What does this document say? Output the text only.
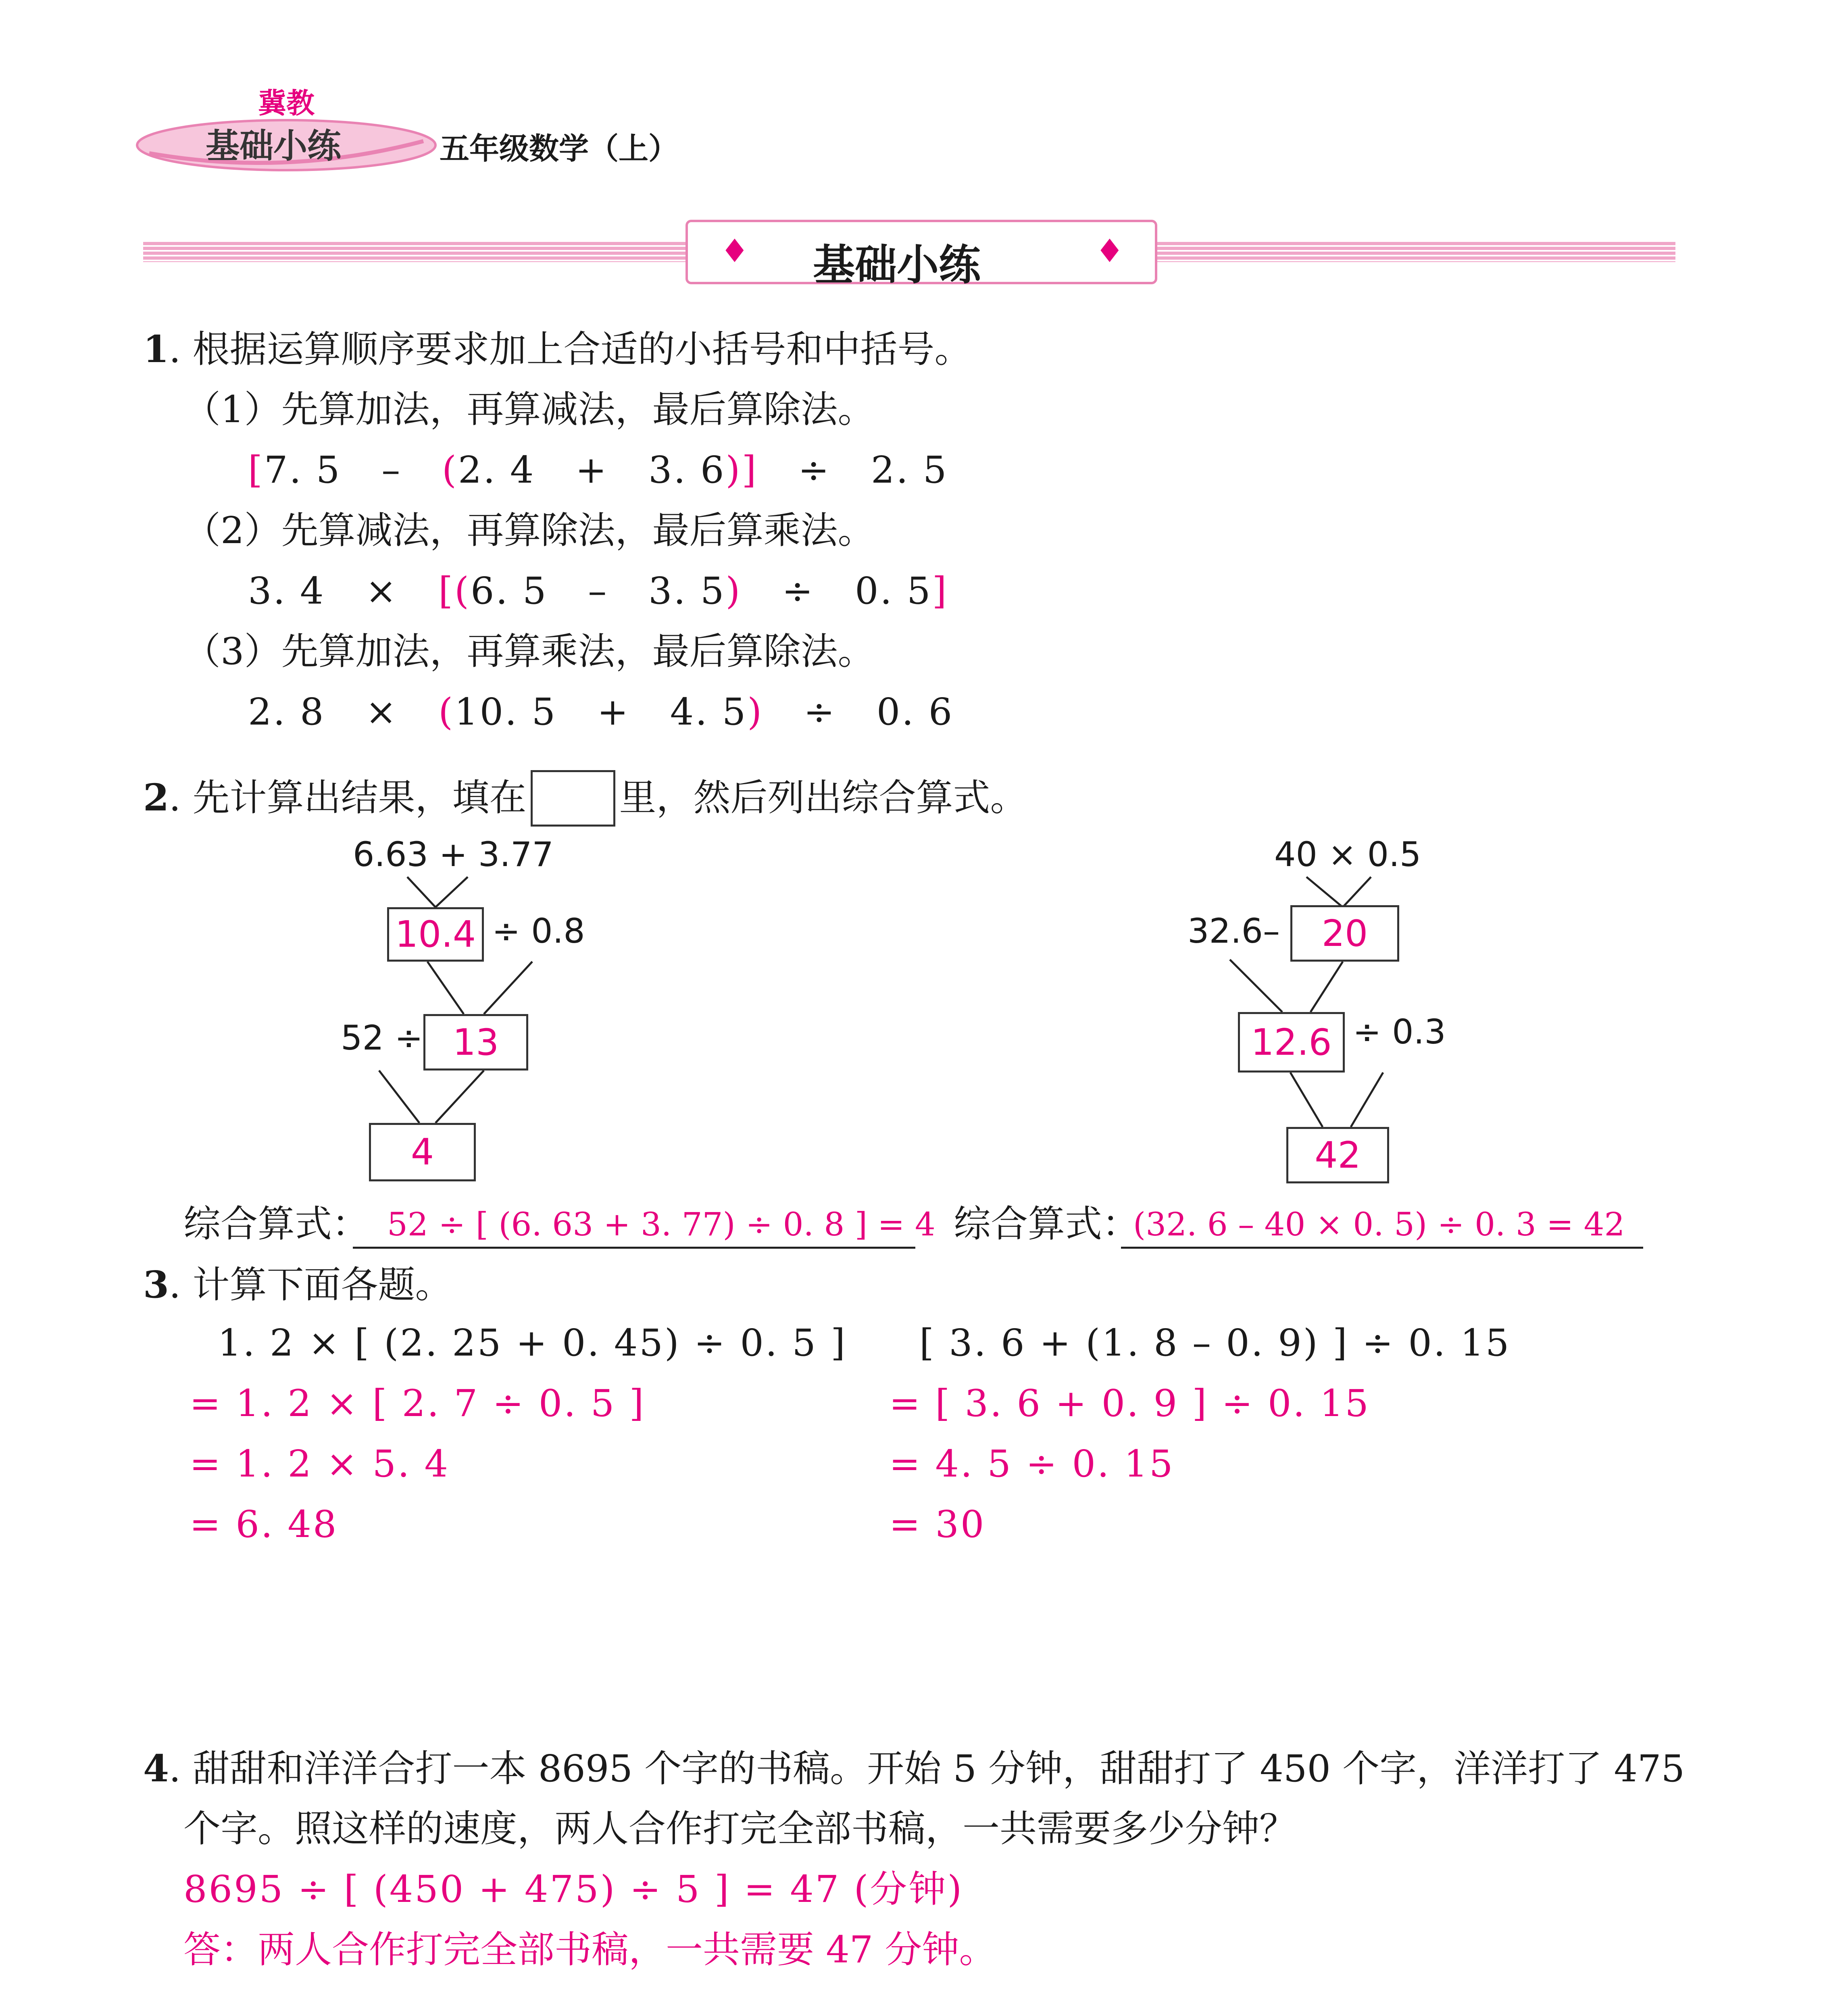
冀教
基础小练	五年级数学（上）
♦ 基础小练	♦
1. 根据运算顺序要求加上合适的小括号和中括号。
（1）先算加法，再算减法，最后算除法。
[7. 5 – (2. 4 + 3. 6)] ÷ 2. 5
（2）先算减法，再算除法，最后算乘法。
3. 4 × [(6. 5 – 3. 5) ÷ 0. 5]
（3）先算加法，再算乘法，最后算除法。
2. 8 × (10. 5 + 4. 5) ÷ 0. 6
2. 先计算出结果，填在	里，然后列出综合算式。
6.63 + 3.77
10.4 ÷ 0.8
52 ÷ 13
4
40 × 0.5
32.6–	20
12.6 ÷ 0.3
42
综合算式： 52 ÷ [ (6. 63 + 3. 77) ÷ 0. 8 ] = 4 综合算式：
(32. 6 – 40 × 0. 5) ÷ 0. 3 = 42
3. 计算下面各题。
1. 2 × [ (2. 25 + 0. 45) ÷ 0. 5 ]
= 1. 2 × [ 2. 7 ÷ 0. 5 ]
= 1. 2 × 5. 4
= 6. 48
[ 3. 6 + (1. 8 – 0. 9) ] ÷ 0. 15
= [ 3. 6 + 0. 9 ] ÷ 0. 15
= 4. 5 ÷ 0. 15
= 30
4. 甜甜和洋洋合打一本 8695 个字的书稿。开始 5 分钟，甜甜打了 450 个字，洋洋打了 475
个字。照这样的速度，两人合作打完全部书稿，一共需要多少分钟？
8695 ÷ [ (450 + 475) ÷ 5 ] = 47 (分钟)
答：两人合作打完全部书稿，一共需要 47 分钟。
